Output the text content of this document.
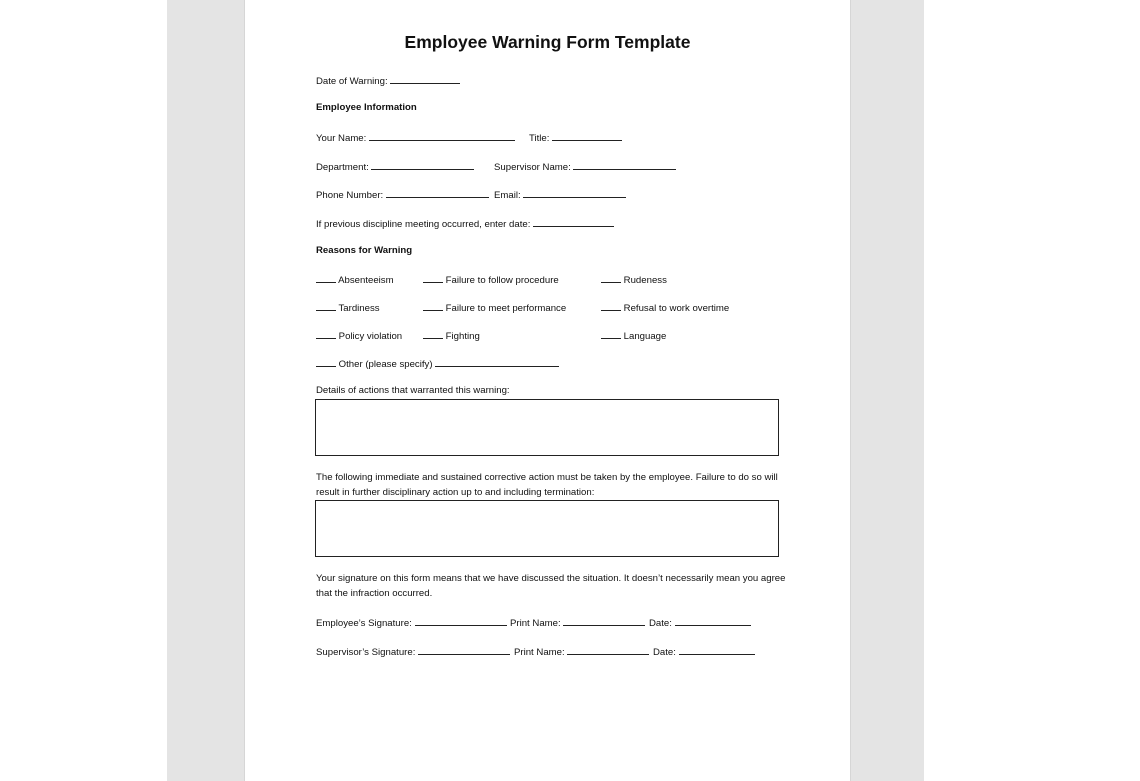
Employee Warning Form Template
Date of Warning:
Employee Information
Your Name:	Title:
Department:	Supervisor Name:
Phone Number:	Email:
If previous discipline meeting occurred, enter date:
Reasons for Warning
Absenteeism	Failure to follow procedure	Rudeness
Tardiness	Failure to meet performance	Refusal to work overtime
Policy violation	Fighting	Language
Other (please specify)
Details of actions that warranted this warning:
The following immediate and sustained corrective action must be taken by the employee. Failure to do so will result in further disciplinary action up to and including termination:
Your signature on this form means that we have discussed the situation. It doesn’t necessarily mean you agree that the infraction occurred.
Employee’s Signature:	Print Name:	Date:
Supervisor’s Signature:	Print Name:	Date:
